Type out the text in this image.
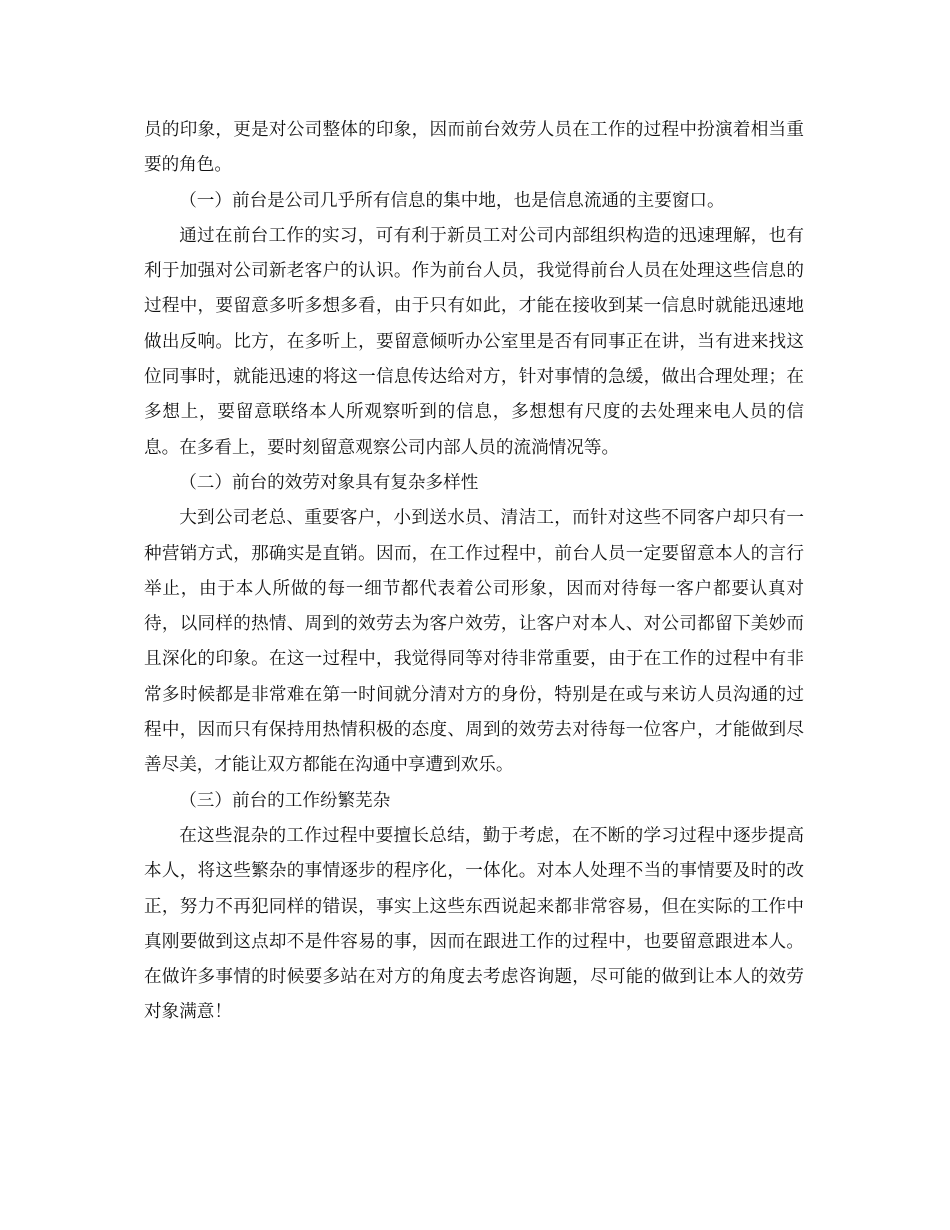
员的印象，更是对公司整体的印象，因而前台效劳人员在工作的过程中扮演着相当重要的角色。

（一）前台是公司几乎所有信息的集中地，也是信息流通的主要窗口。

通过在前台工作的实习，可有利于新员工对公司内部组织构造的迅速理解，也有利于加强对公司新老客户的认识。作为前台人员，我觉得前台人员在处理这些信息的过程中，要留意多听多想多看，由于只有如此，才能在接收到某一信息时就能迅速地做出反响。比方，在多听上，要留意倾听办公室里是否有同事正在讲，当有进来找这位同事时，就能迅速的将这一信息传达给对方，针对事情的急缓，做出合理处理；在多想上，要留意联络本人所观察听到的信息，多想想有尺度的去处理来电人员的信息。在多看上，要时刻留意观察公司内部人员的流淌情况等。

（二）前台的效劳对象具有复杂多样性

大到公司老总、重要客户，小到送水员、清洁工，而针对这些不同客户却只有一种营销方式，那确实是直销。因而，在工作过程中，前台人员一定要留意本人的言行举止，由于本人所做的每一细节都代表着公司形象，因而对待每一客户都要认真对待，以同样的热情、周到的效劳去为客户效劳，让客户对本人、对公司都留下美妙而且深化的印象。在这一过程中，我觉得同等对待非常重要，由于在工作的过程中有非常多时候都是非常难在第一时间就分清对方的身份，特别是在或与来访人员沟通的过程中，因而只有保持用热情积极的态度、周到的效劳去对待每一位客户，才能做到尽善尽美，才能让双方都能在沟通中享遭到欢乐。

（三）前台的工作纷繁芜杂

在这些混杂的工作过程中要擅长总结，勤于考虑，在不断的学习过程中逐步提高本人，将这些繁杂的事情逐步的程序化，一体化。对本人处理不当的事情要及时的改正，努力不再犯同样的错误，事实上这些东西说起来都非常容易，但在实际的工作中真刚要做到这点却不是件容易的事，因而在跟进工作的过程中，也要留意跟进本人。在做许多事情的时候要多站在对方的角度去考虑咨询题，尽可能的做到让本人的效劳对象满意！
